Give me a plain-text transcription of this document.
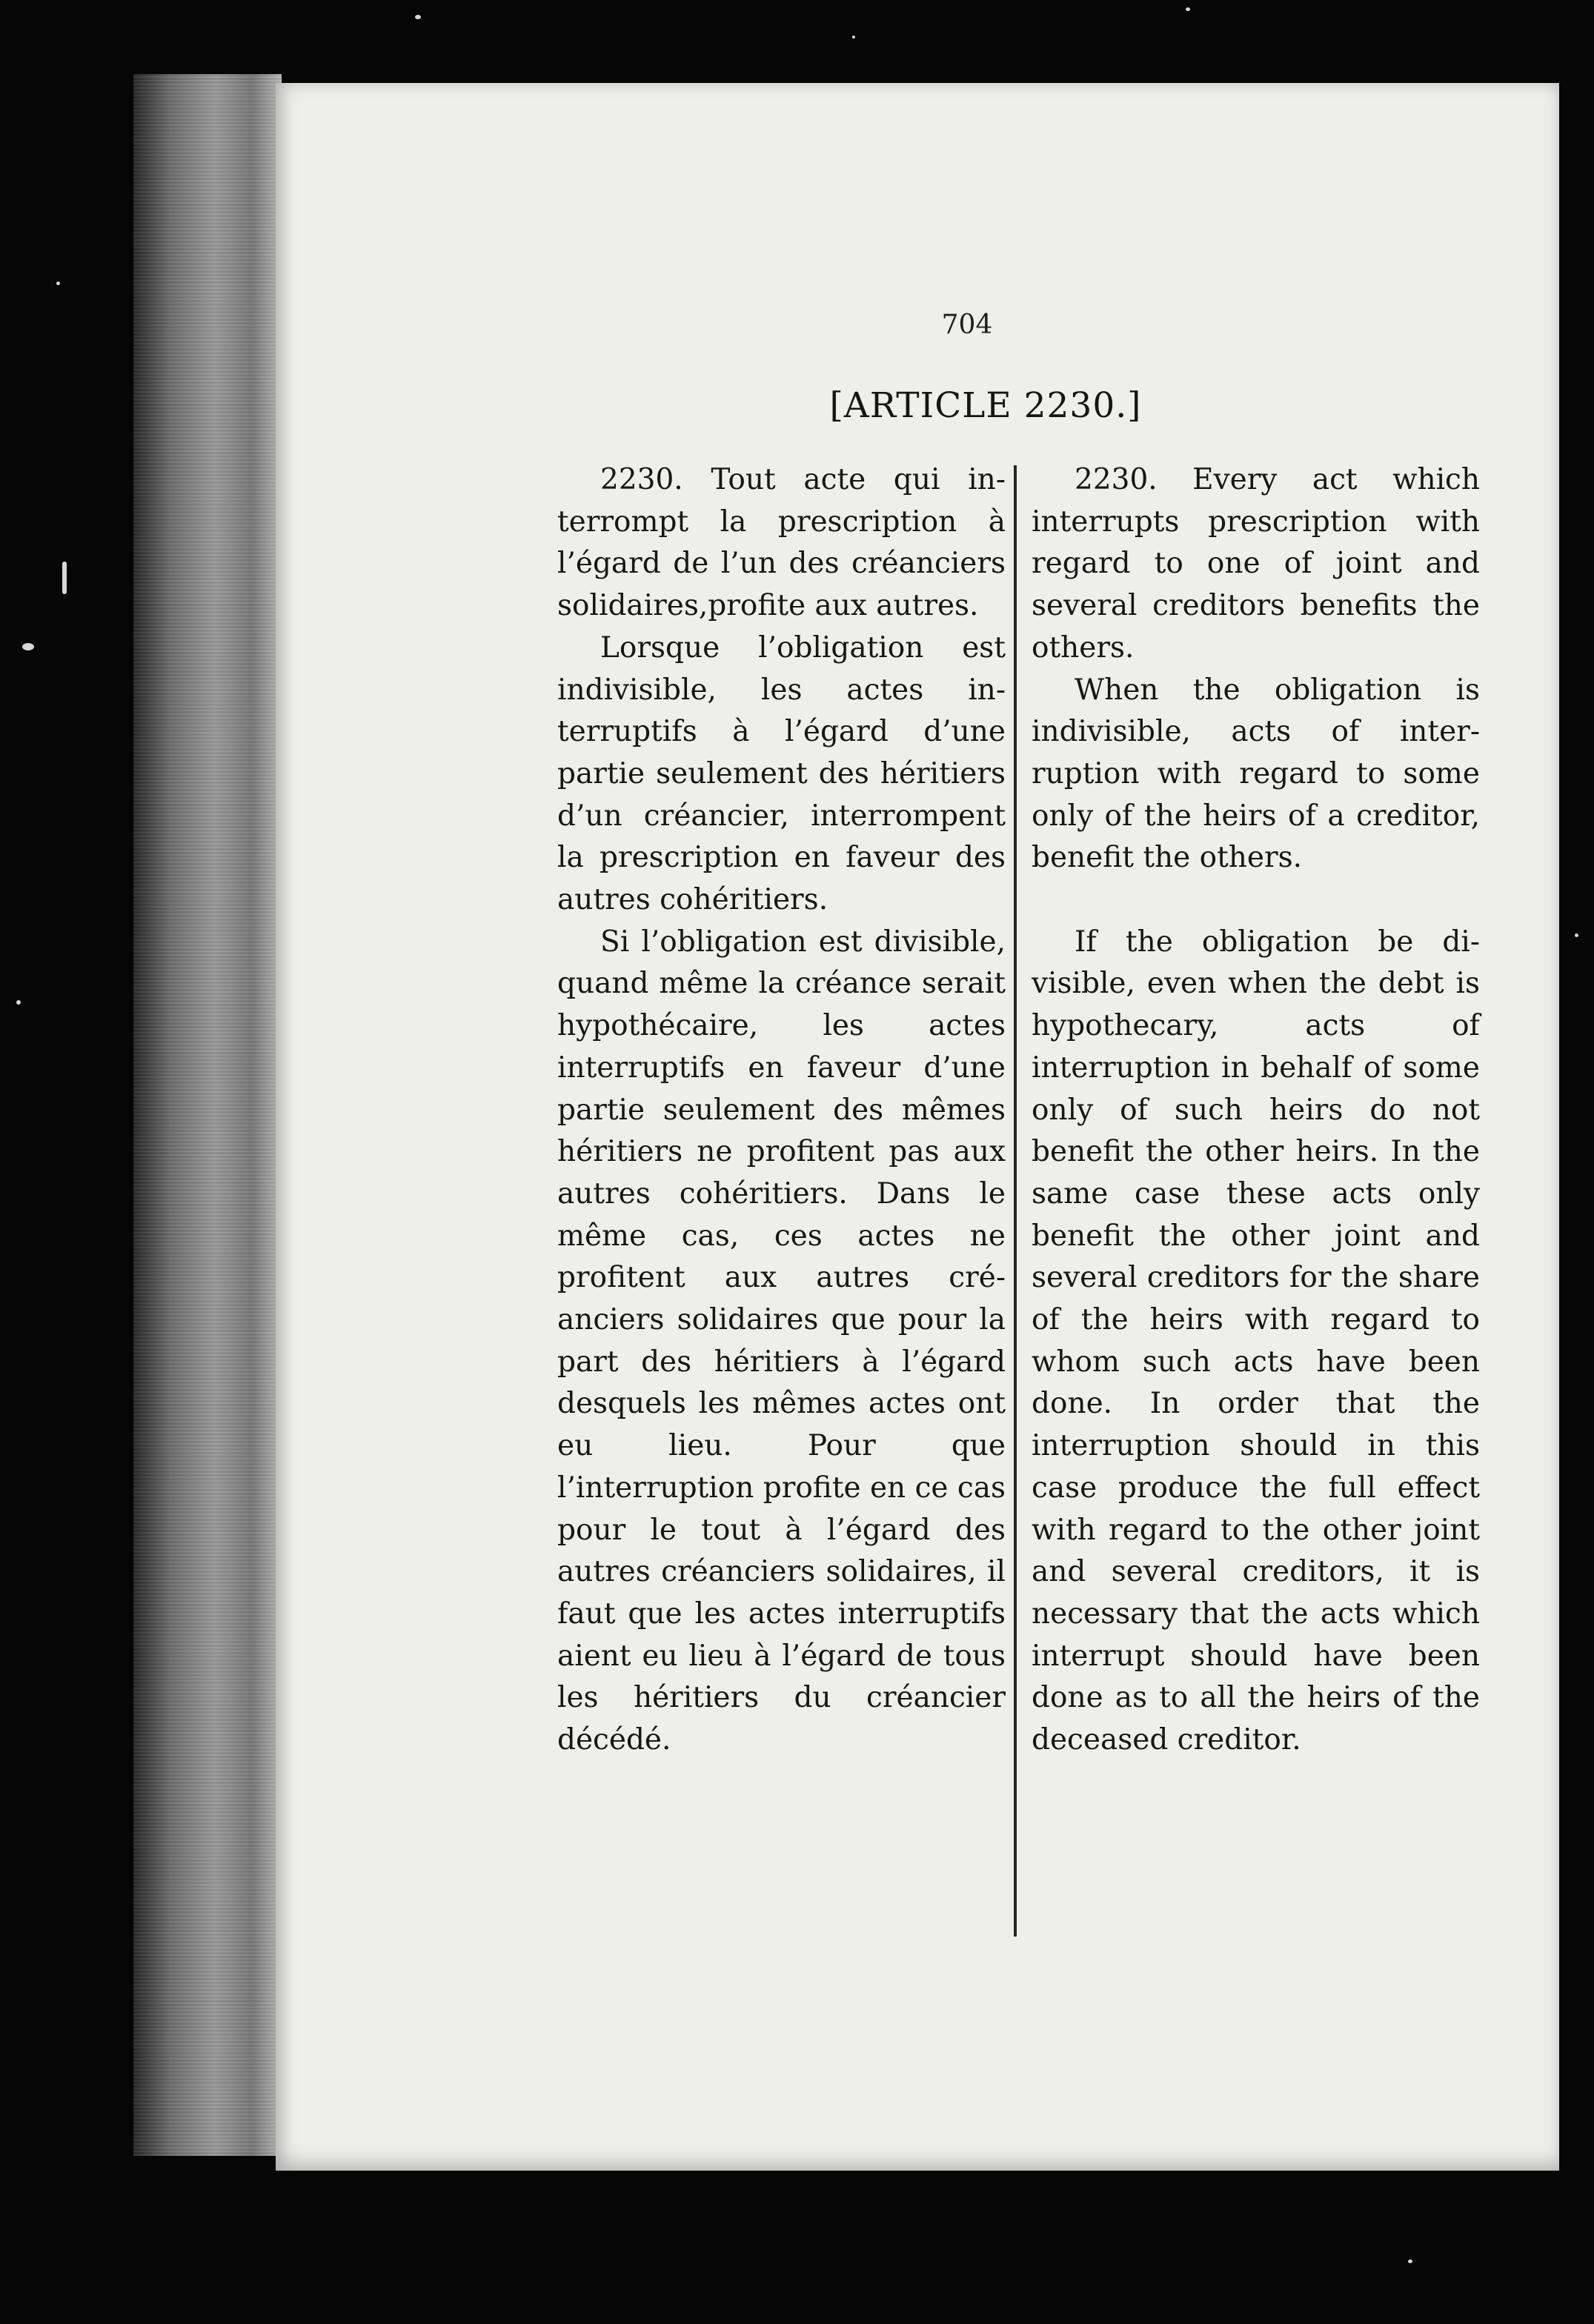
704
[ARTICLE 2230.]

2230. Tout acte qui interrompt la prescription à l’égard de l’un des créanciers solidaires,profite aux autres.

Lorsque l’obligation est indivisible, les actes interruptifs à l’égard d’une partie seulement des héritiers d’un créancier, interrompent la prescription en faveur des autres cohéritiers.

Si l’obligation est divisible, quand même la créance serait hypothécaire, les actes interruptifs en faveur d’une partie seulement des mêmes héritiers ne profitent pas aux autres cohéritiers. Dans le même cas, ces actes ne profitent aux autres créanciers solidaires que pour la part des héritiers à l’égard desquels les mêmes actes ont eu lieu. Pour que l’interruption profite en ce cas pour le tout à l’égard des autres créanciers solidaires, il faut que les actes interruptifs aient eu lieu à l’égard de tous les héritiers du créancier décédé.

2230. Every act which interrupts prescription with regard to one of joint and several creditors benefits the others.

When the obligation is indivisible, acts of interruption with regard to some only of the heirs of a creditor, benefit the others.

If the obligation be divisible, even when the debt is hypothecary, acts of interruption in behalf of some only of such heirs do not benefit the other heirs. In the same case these acts only benefit the other joint and several creditors for the share of the heirs with regard to whom such acts have been done. In order that the interruption should in this case produce the full effect with regard to the other joint and several creditors, it is necessary that the acts which interrupt should have been done as to all the heirs of the deceased creditor.
